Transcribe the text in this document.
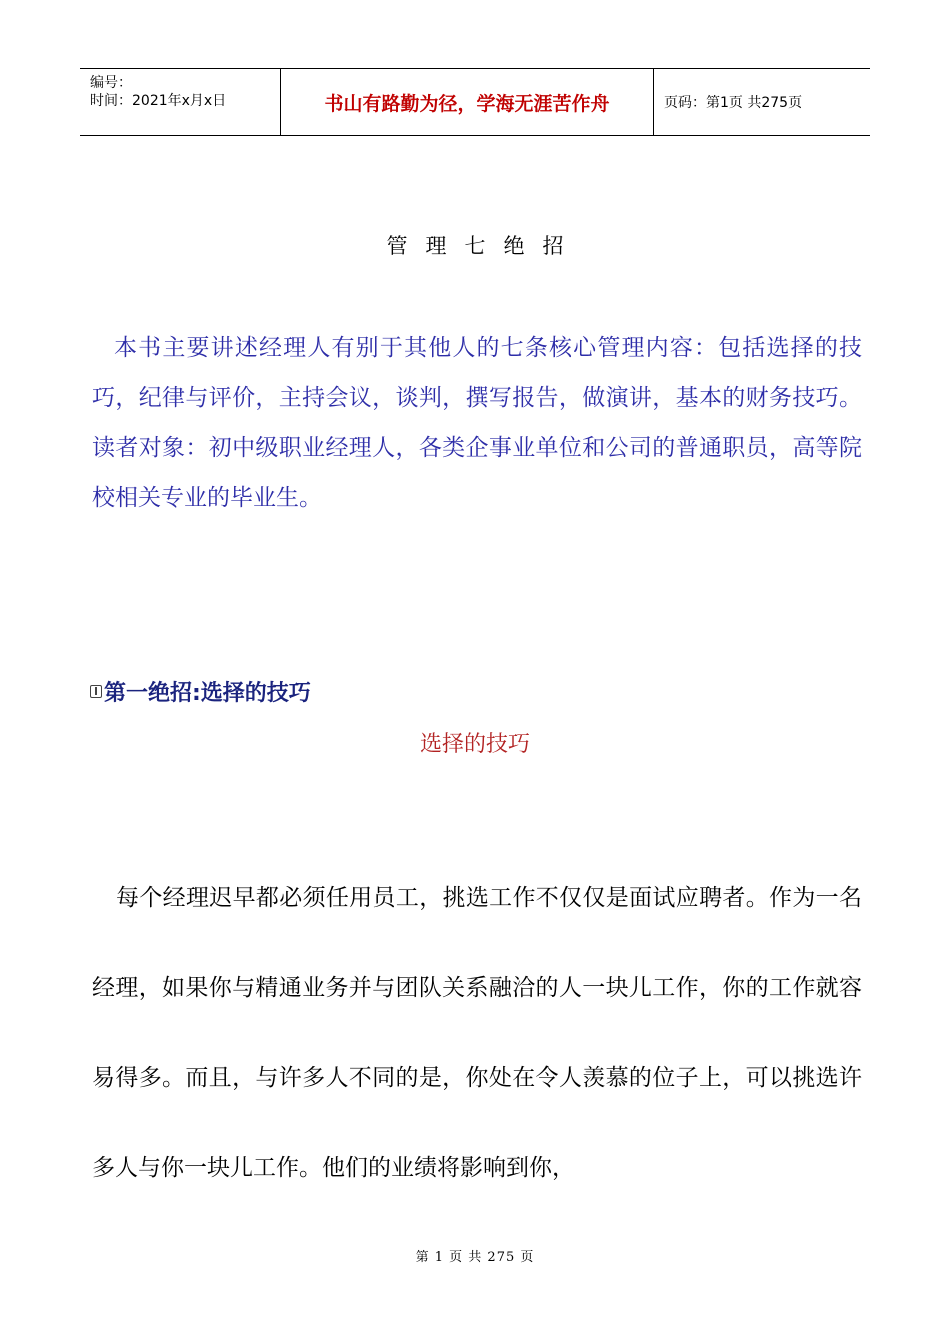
编号：
时间：2021年x月x日	书山有路勤为径，学海无涯苦作舟	页码：第1页 共275页
管理七绝招
本书主要讲述经理人有别于其他人的七条核心管理内容：包括选择的技巧，纪律与评价，主持会议，谈判，撰写报告，做演讲，基本的财务技巧。读者对象：初中级职业经理人，各类企事业单位和公司的普通职员，高等院校相关专业的毕业生。
第一绝招:选择的技巧
选择的技巧
每个经理迟早都必须任用员工，挑选工作不仅仅是面试应聘者。作为一名经理，如果你与精通业务并与团队关系融洽的人一块儿工作，你的工作就容易得多。而且，与许多人不同的是，你处在令人羡慕的位子上，可以挑选许多人与你一块儿工作。他们的业绩将影响到你，
第 1 页 共 275 页
